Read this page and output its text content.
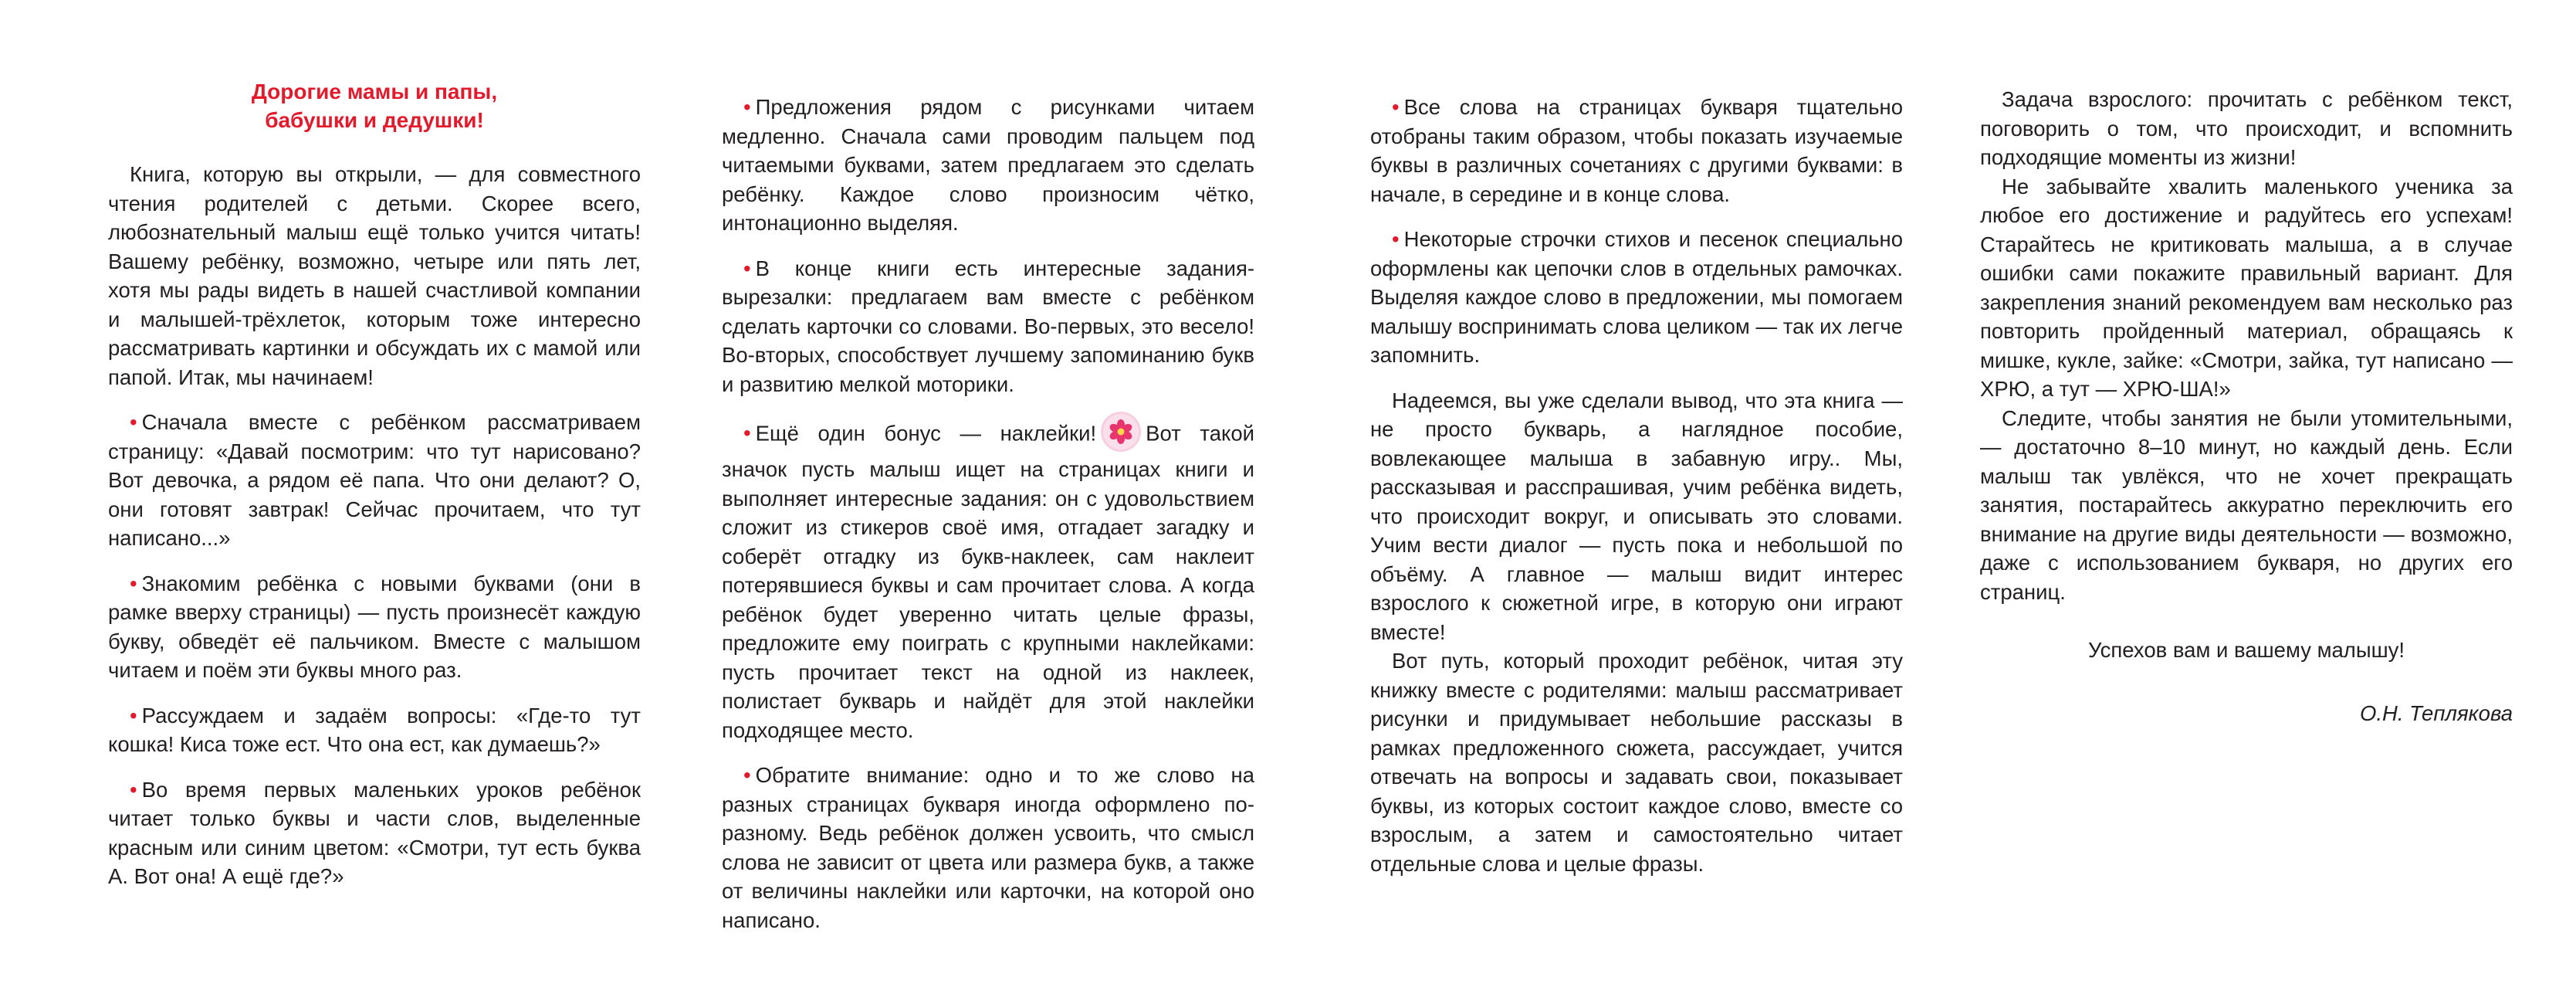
Дорогие мамы и папы,
бабушки и дедушки!

Книга, которую вы открыли, — для совместного чтения родителей с детьми. Скорее всего, любознательный малыш ещё только учится читать! Вашему ребёнку, возможно, четыре или пять лет, хотя мы рады видеть в нашей счастливой компании и малышей-трёхлеток, которым тоже интересно рассматривать картинки и обсуждать их с мамой или папой. Итак, мы начинаем!

• Сначала вместе с ребёнком рассматриваем страницу: «Давай посмотрим: что тут нарисовано? Вот девочка, а рядом её папа. Что они делают? О, они готовят завтрак! Сейчас прочитаем, что тут написано...»

• Знакомим ребёнка с новыми буквами (они в рамке вверху страницы) — пусть произнесёт каждую букву, обведёт её пальчиком. Вместе с малышом читаем и поём эти буквы много раз.

• Рассуждаем и задаём вопросы: «Где-то тут кошка! Киса тоже ест. Что она ест, как думаешь?»

• Во время первых маленьких уроков ребёнок читает только буквы и части слов, выделенные красным или синим цветом: «Смотри, тут есть буква А. Вот она! А ещё где?»

• Предложения рядом с рисунками читаем медленно. Сначала сами проводим пальцем под читаемыми буквами, затем предлагаем это сделать ребёнку. Каждое слово произносим чётко, интонационно выделяя.

• В конце книги есть интересные задания-вырезалки: предлагаем вам вместе с ребёнком сделать карточки со словами. Во-первых, это весело! Во-вторых, способствует лучшему запоминанию букв и развитию мелкой моторики.

• Ещё один бонус — наклейки! Вот такой значок пусть малыш ищет на страницах книги и выполняет интересные задания: он с удовольствием сложит из стикеров своё имя, отгадает загадку и соберёт отгадку из букв-наклеек, сам наклеит потерявшиеся буквы и сам прочитает слова. А когда ребёнок будет уверенно читать целые фразы, предложите ему поиграть с крупными наклейками: пусть прочитает текст на одной из наклеек, полистает букварь и найдёт для этой наклейки подходящее место.

• Обратите внимание: одно и то же слово на разных страницах букваря иногда оформлено по-разному. Ведь ребёнок должен усвоить, что смысл слова не зависит от цвета или размера букв, а также от величины наклейки или карточки, на которой оно написано.

• Все слова на страницах букваря тщательно отобраны таким образом, чтобы показать изучаемые буквы в различных сочетаниях с другими буквами: в начале, в середине и в конце слова.

• Некоторые строчки стихов и песенок специально оформлены как цепочки слов в отдельных рамочках. Выделяя каждое слово в предложении, мы помогаем малышу воспринимать слова целиком — так их легче запомнить.

Надеемся, вы уже сделали вывод, что эта книга — не просто букварь, а наглядное пособие, вовлекающее малыша в забавную игру.. Мы, рассказывая и расспрашивая, учим ребёнка видеть, что происходит вокруг, и описывать это словами. Учим вести диалог — пусть пока и небольшой по объёму. А главное — малыш видит интерес взрослого к сюжетной игре, в которую они играют вместе!

Вот путь, который проходит ребёнок, читая эту книжку вместе с родителями: малыш рассматривает рисунки и придумывает небольшие рассказы в рамках предложенного сюжета, рассуждает, учится отвечать на вопросы и задавать свои, показывает буквы, из которых состоит каждое слово, вместе со взрослым, а затем и самостоятельно читает отдельные слова и целые фразы.

Задача взрослого: прочитать с ребёнком текст, поговорить о том, что происходит, и вспомнить подходящие моменты из жизни!

Не забывайте хвалить маленького ученика за любое его достижение и радуйтесь его успехам! Старайтесь не критиковать малыша, а в случае ошибки сами покажите правильный вариант. Для закрепления знаний рекомендуем вам несколько раз повторить пройденный материал, обращаясь к мишке, кукле, зайке: «Смотри, зайка, тут написано — ХРЮ, а тут — ХРЮ-ША!»

Следите, чтобы занятия не были утомительными, — достаточно 8–10 минут, но каждый день. Если малыш так увлёкся, что не хочет прекращать занятия, постарайтесь аккуратно переключить его внимание на другие виды деятельности — возможно, даже с использованием букваря, но других его страниц.

Успехов вам и вашему малышу!

О.Н. Теплякова
